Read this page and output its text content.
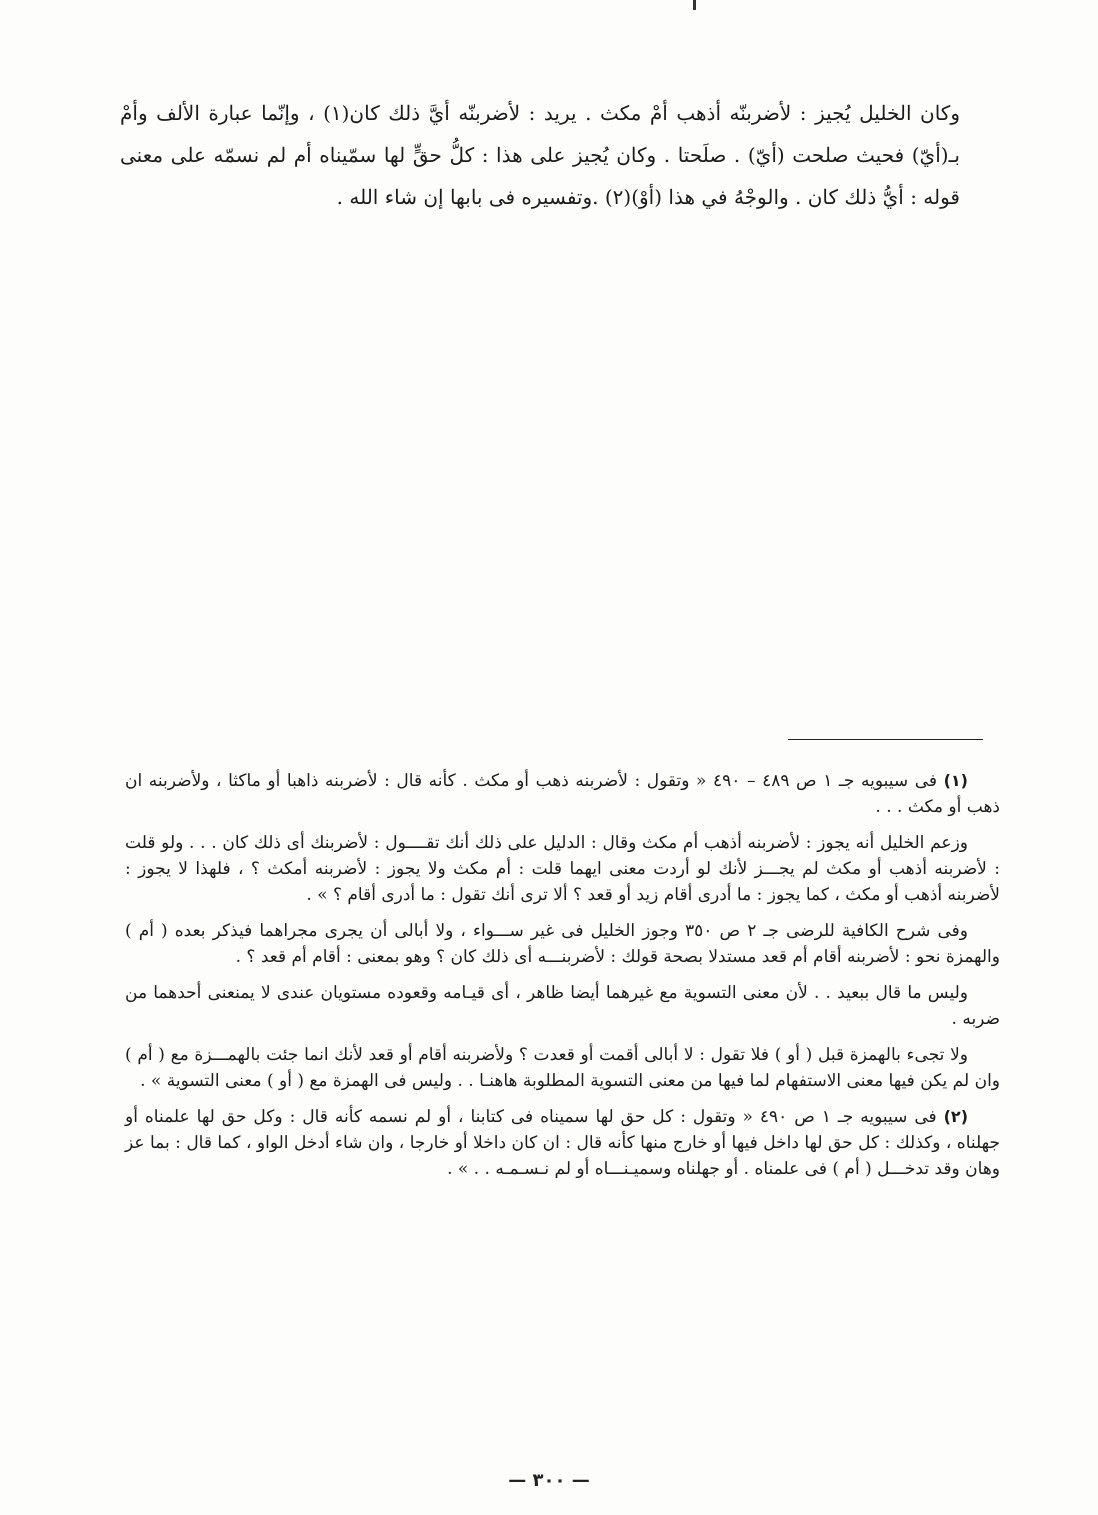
وكان الخليل يُجيز : لأضربنّه أذهب أمْ مكث . يريد : لأضربنّه أيَّ ذلك كان(١) ، وإنّما عبارة الألف وأمْ بـ(أيّ) فحيث صلحت (أيّ) . صلَحتا . وكان يُجيز على هذا : كلُّ حقٍّ لها سمّيناه أم لم نسمّه على معنى قوله : أيُّ ذلك كان . والوجْهُ في هذا (أوْ)(٢) .وتفسيره فى بابها إن شاء الله .

(١) فى سيبويه جـ ١ ص ٤٨٩ – ٤٩٠ « وتقول : لأضربنه ذهب أو مكث . كأنه قال : لأضربنه ذاهبا أو ماكثا ، ولأضربنه ان ذهب أو مكث . . .

وزعم الخليل أنه يجوز : لأضربنه أذهب أم مكث وقال : الدليل على ذلك أنك تقــــول : لأضربنك أى ذلك كان . . . ولو قلت : لأضربنه أذهب أو مكث لم يجـــز لأنك لو أردت معنى ايهما قلت : أم مكث ولا يجوز : لأضربنه أمكث ؟ ، فلهذا لا يجوز : لأضربنه أذهب أو مكث ، كما يجوز : ما أدرى أقام زيد أو قعد ؟ ألا ترى أنك تقول : ما أدرى أقام ؟ » .

وفى شرح الكافية للرضى جـ ٢ ص ٣٥٠ وجوز الخليل فى غير ســـواء ، ولا أبالى أن يجرى مجراهما فيذكر بعده ( أم ) والهمزة نحو : لأضربنه أقام أم قعد مستدلا بصحة قولك : لأضربنـــه أى ذلك كان ؟ وهو بمعنى : أقام أم قعد ؟ .

وليس ما قال ببعيد . . لأن معنى التسوية مع غيرهما أيضا ظاهر ، أى قيـامه وقعوده مستويان عندى لا يمنعنى أحدهما من ضربه .

ولا تجىء بالهمزة قبل ( أو ) فلا تقول : لا أبالى أقمت أو قعدت ؟ ولأضربنه أقام أو قعد لأنك انما جئت بالهمـــزة مع ( أم ) وان لم يكن فيها معنى الاستفهام لما فيها من معنى التسوية المطلوبة هاهنـا . . وليس فى الهمزة مع ( أو ) معنى التسوية » .

(٢) فى سيبويه جـ ١ ص ٤٩٠ « وتقول : كل حق لها سميناه فى كتابنا ، أو لم نسمه كأنه قال : وكل حق لها علمناه أو جهلناه ، وكذلك : كل حق لها داخل فيها أو خارج منها كأنه قال : ان كان داخلا أو خارجا ، وان شاء أدخل الواو ، كما قال : بما عز وهان وقد تدخـــل ( أم ) فى علمناه . أو جهلناه وسميـنـــاه أو لم نـسـمـه . . » .

— ٣٠٠ —
